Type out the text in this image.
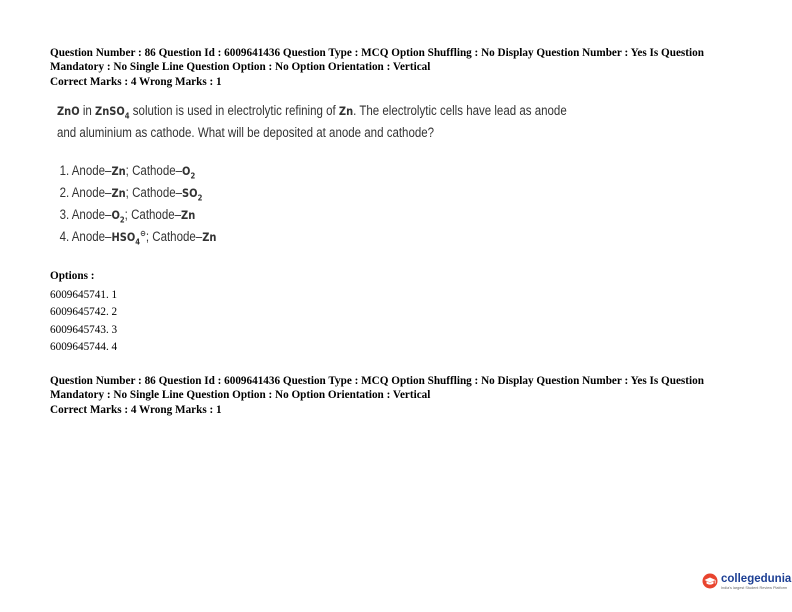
Question Number : 86 Question Id : 6009641436 Question Type : MCQ Option Shuffling : No Display Question Number : Yes Is Question Mandatory : No Single Line Question Option : No Option Orientation : Vertical
Correct Marks : 4 Wrong Marks : 1
ZnO in ZnSO$_4$ solution is used in electrolytic refining of Zn. The electrolytic cells have lead as anode
and aluminium as cathode. What will be deposited at anode and cathode?
1. Anode–Zn; Cathode–$O_2$
2. Anode–Zn; Cathode–$SO_2$
3. Anode–$O_2$; Cathode–Zn
4. Anode–$HSO_4^⊖$; Cathode–Zn
Options :
6009645741. 1
6009645742. 2
6009645743. 3
6009645744. 4
Question Number : 86 Question Id : 6009641436 Question Type : MCQ Option Shuffling : No Display Question Number : Yes Is Question Mandatory : No Single Line Question Option : No Option Orientation : Vertical
Correct Marks : 4 Wrong Marks : 1
collegedunia
India's largest Student Review Platform
